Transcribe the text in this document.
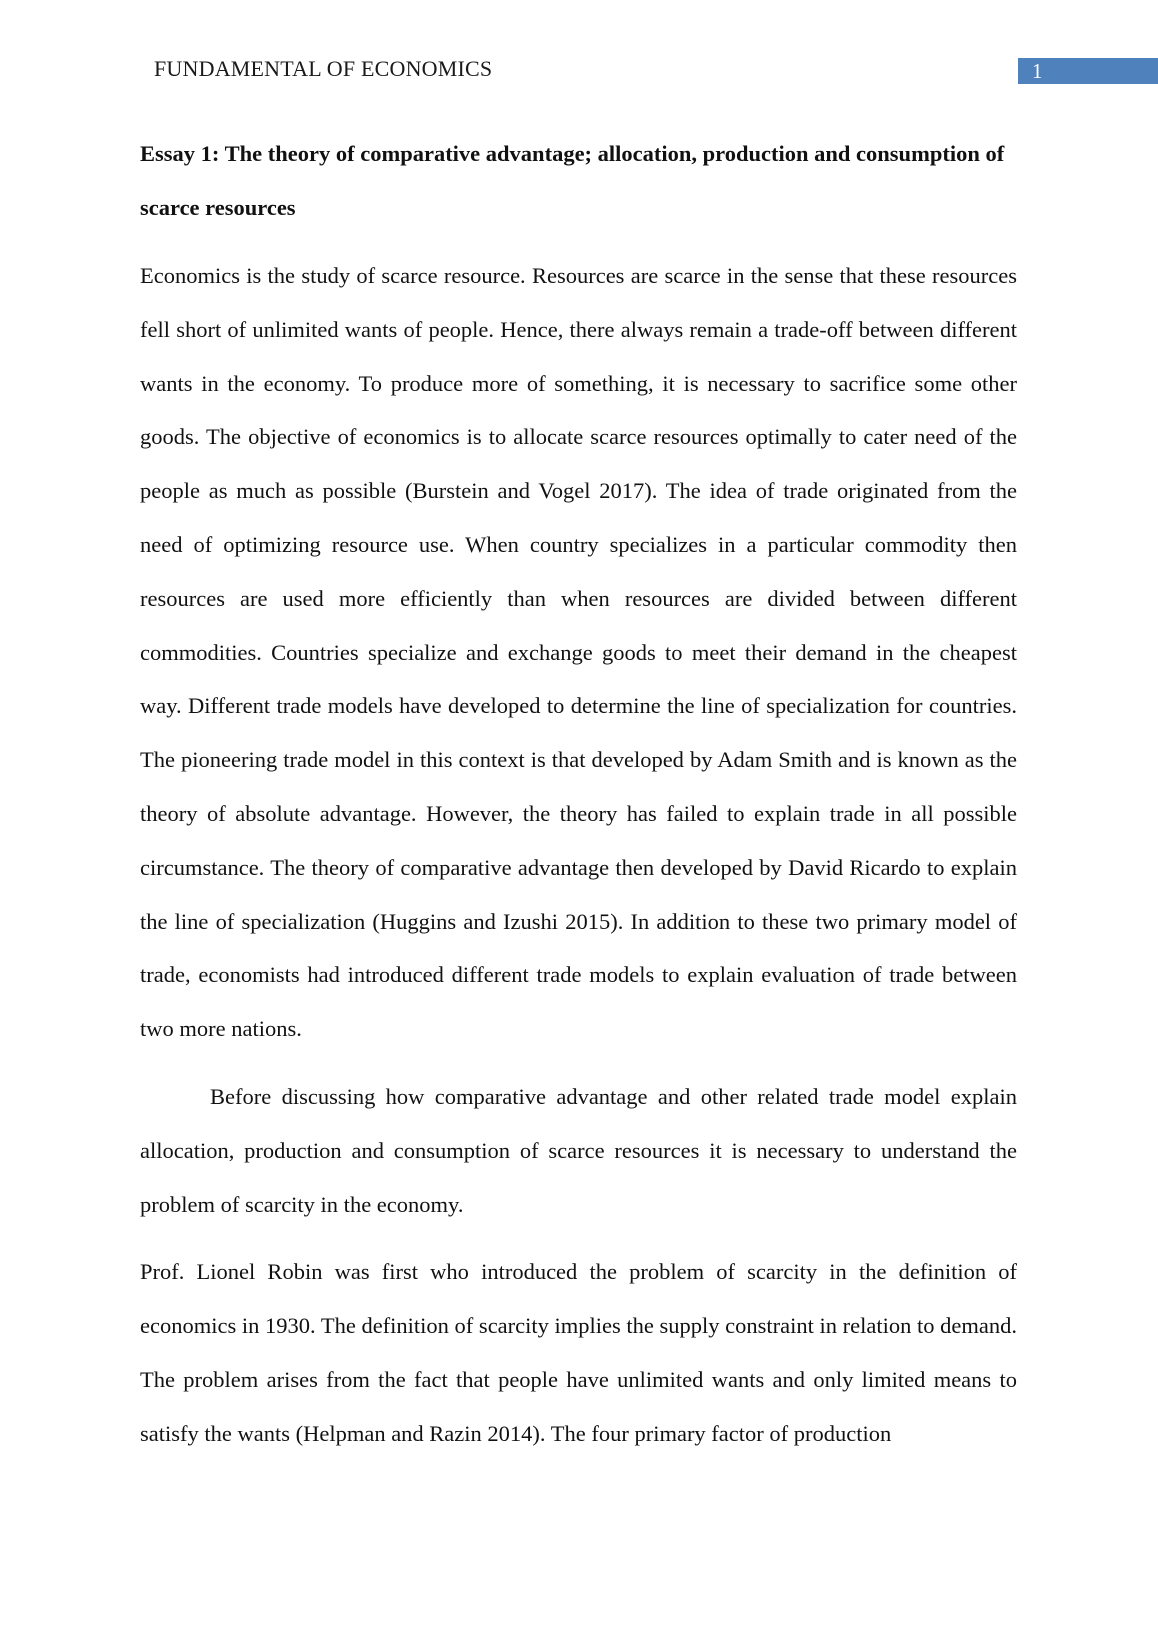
FUNDAMENTAL OF ECONOMICS	1

Essay 1: The theory of comparative advantage; allocation, production and consumption of scarce resources

Economics is the study of scarce resource. Resources are scarce in the sense that these resources fell short of unlimited wants of people. Hence, there always remain a trade-off between different wants in the economy. To produce more of something, it is necessary to sacrifice some other goods. The objective of economics is to allocate scarce resources optimally to cater need of the people as much as possible (Burstein and Vogel 2017). The idea of trade originated from the need of optimizing resource use. When country specializes in a particular commodity then resources are used more efficiently than when resources are divided between different commodities. Countries specialize and exchange goods to meet their demand in the cheapest way. Different trade models have developed to determine the line of specialization for countries. The pioneering trade model in this context is that developed by Adam Smith and is known as the theory of absolute advantage. However, the theory has failed to explain trade in all possible circumstance. The theory of comparative advantage then developed by David Ricardo to explain the line of specialization (Huggins and Izushi 2015). In addition to these two primary model of trade, economists had introduced different trade models to explain evaluation of trade between two more nations.

Before discussing how comparative advantage and other related trade model explain allocation, production and consumption of scarce resources it is necessary to understand the problem of scarcity in the economy.

Prof. Lionel Robin was first who introduced the problem of scarcity in the definition of economics in 1930. The definition of scarcity implies the supply constraint in relation to demand. The problem arises from the fact that people have unlimited wants and only limited means to satisfy the wants (Helpman and Razin 2014). The four primary factor of production
